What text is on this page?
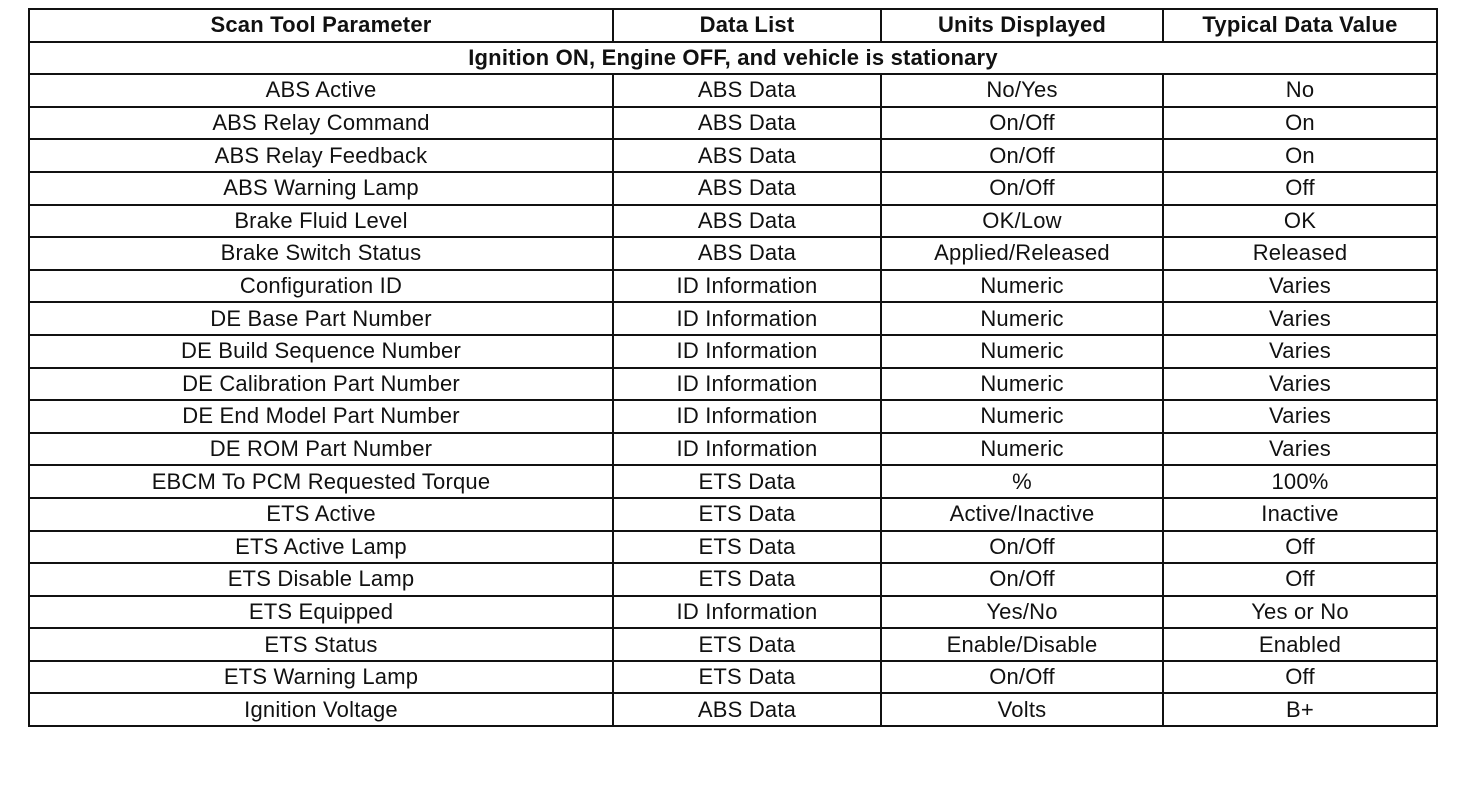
Scan Tool Parameter	Data List	Units Displayed	Typical Data Value
Ignition ON, Engine OFF, and vehicle is stationary			
ABS Active	ABS Data	No/Yes	No
ABS Relay Command	ABS Data	On/Off	On
ABS Relay Feedback	ABS Data	On/Off	On
ABS Warning Lamp	ABS Data	On/Off	Off
Brake Fluid Level	ABS Data	OK/Low	OK
Brake Switch Status	ABS Data	Applied/Released	Released
Configuration ID	ID Information	Numeric	Varies
DE Base Part Number	ID Information	Numeric	Varies
DE Build Sequence Number	ID Information	Numeric	Varies
DE Calibration Part Number	ID Information	Numeric	Varies
DE End Model Part Number	ID Information	Numeric	Varies
DE ROM Part Number	ID Information	Numeric	Varies
EBCM To PCM Requested Torque	ETS Data	%	100%
ETS Active	ETS Data	Active/Inactive	Inactive
ETS Active Lamp	ETS Data	On/Off	Off
ETS Disable Lamp	ETS Data	On/Off	Off
ETS Equipped	ID Information	Yes/No	Yes or No
ETS Status	ETS Data	Enable/Disable	Enabled
ETS Warning Lamp	ETS Data	On/Off	Off
Ignition Voltage	ABS Data	Volts	B+
